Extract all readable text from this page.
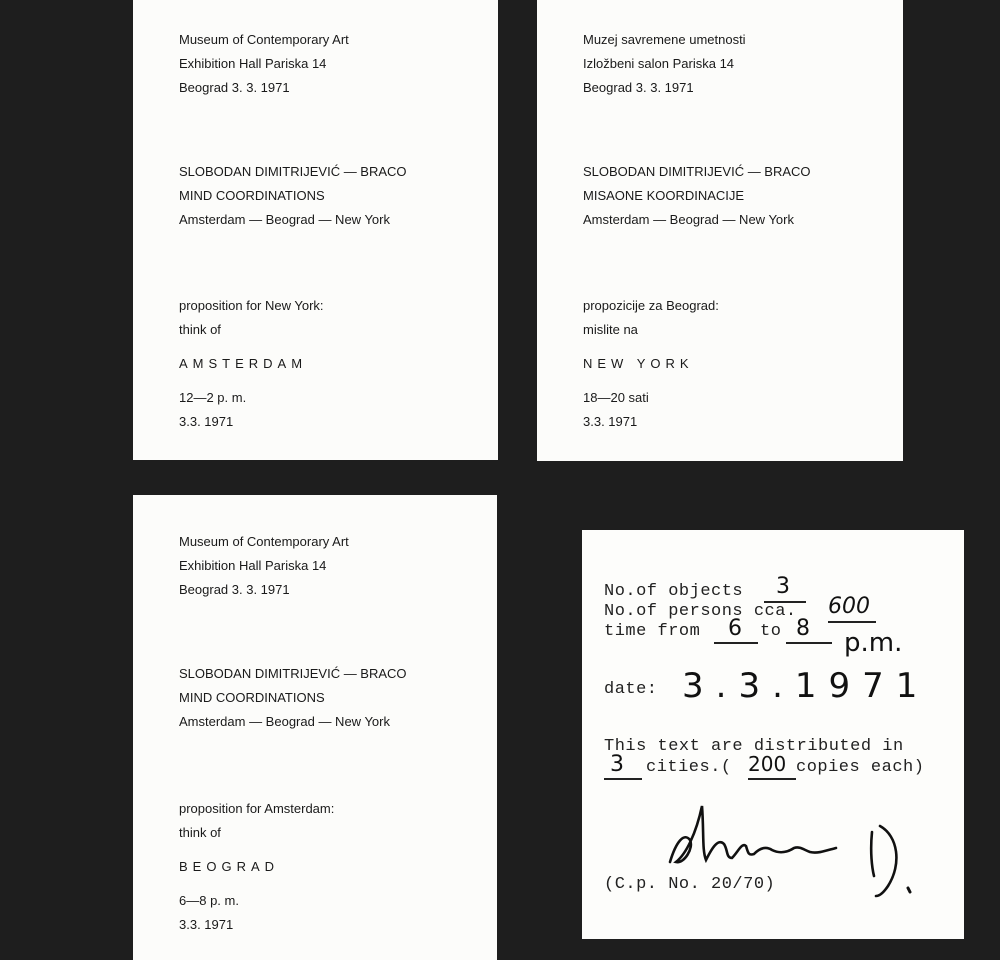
Museum of Contemporary Art
Exhibition Hall Pariska 14
Beograd 3. 3. 1971
SLOBODAN DIMITRIJEVIĆ — BRACO
MIND COORDINATIONS
Amsterdam — Beograd — New York
proposition for New York:
think of
AMSTERDAM
12—2 p. m.
3.3. 1971
Muzej savremene umetnosti
Izložbeni salon Pariska 14
Beograd 3. 3. 1971
SLOBODAN DIMITRIJEVIĆ — BRACO
MISAONE KOORDINACIJE
Amsterdam — Beograd — New York
propozicije za Beograd:
mislite na
NEW YORK
18—20 sati
3.3. 1971
Museum of Contemporary Art
Exhibition Hall Pariska 14
Beograd 3. 3. 1971
SLOBODAN DIMITRIJEVIĆ — BRACO
MIND COORDINATIONS
Amsterdam — Beograd — New York
proposition for Amsterdam:
think of
BEOGRAD
6—8 p. m.
3.3. 1971
No.of objects 3
No.of persons cca. 600
time from 6 to 8 p.m.
date: 3.3.1971
This text are distributed in
3 cities.( 200 copies each)
(C.p. No. 20/70)
